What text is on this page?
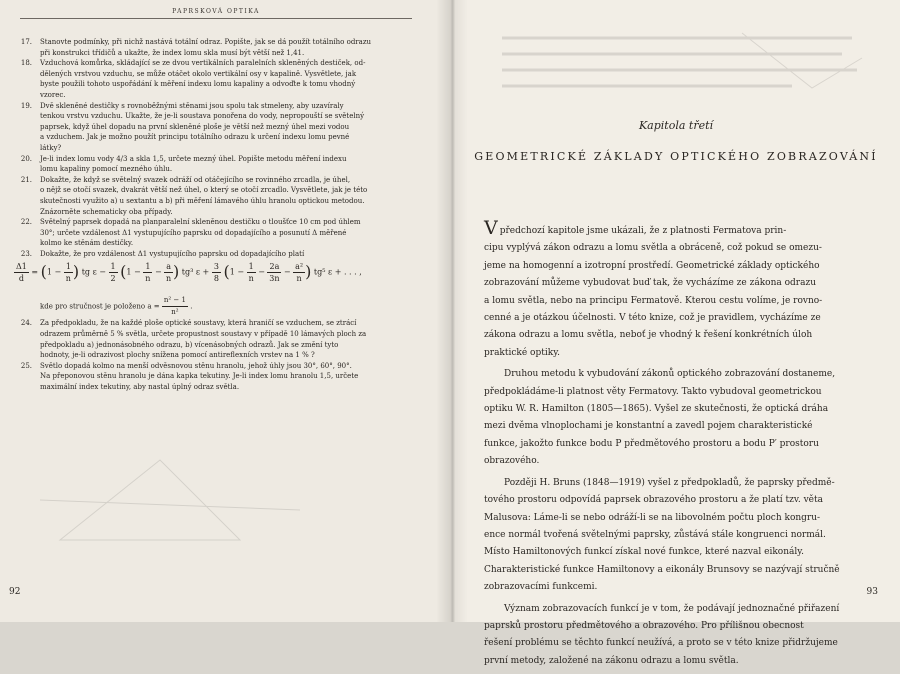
PAPRSKOVÁ OPTIKA
17. Stanovte podmínky, při nichž nastává totální odraz. Popište, jak se dá použít totálního odrazu
při konstrukci třídičů a ukažte, že index lomu skla musí být větší než 1,41.
18. Vzduchová komůrka, skládající se ze dvou vertikálních paralelních skleněných destiček, od-
dělených vrstvou vzduchu, se může otáčet okolo vertikální osy v kapalině. Vysvětlete, jak
byste použili tohoto uspořádání k měření indexu lomu kapaliny a odvoďte k tomu vhodný
vzorec.
19. Dvě skleněné destičky s rovnoběžnými stěnami jsou spolu tak stmeleny, aby uzavíraly
tenkou vrstvu vzduchu. Ukažte, že je-li soustava ponořena do vody, nepropouští se světelný
paprsek, když úhel dopadu na první skleněné ploše je větší než mezný úhel mezi vodou
a vzduchem. Jak je možno použít principu totálního odrazu k určení indexu lomu pevné
látky?
20. Je-li index lomu vody 4/3 a skla 1,5, určete mezný úhel. Popište metodu měření indexu
lomu kapaliny pomocí mezného úhlu.
21. Dokažte, že když se světelný svazek odráží od otáčejícího se rovinného zrcadla, je úhel,
o nějž se otočí svazek, dvakrát větší než úhel, o který se otočí zrcadlo. Vysvětlete, jak je této
skutečnosti využito a) u sextantu a b) při měření lámavého úhlu hranolu optickou metodou.
Znázorněte schematicky oba případy.
22. Světelný paprsek dopadá na planparalelní skleněnou destičku o tloušťce 10 cm pod úhlem
30°; určete vzdálenost Δ1 vystupujícího paprsku od dopadajícího a posunutí Δ měřené
kolmo ke stěnám destičky.
23. Dokažte, že pro vzdálenost Δ1 vystupujícího paprsku od dopadajícího platí
$\frac{\Delta 1}{d} = (1 - \frac{1}{n}$ ) tg $\varepsilon - \frac{1}{2} (1 - \frac{1}{n} - \frac{a}{n}$ ) tg³ $\varepsilon + \frac{3}{8} (1 - \frac{1}{n} - \frac{2a}{3n} - \frac{\text{a²}}{n}$ ) tg⁵ ε + . . . ,
kde pro stručnost je položeno $a = \frac{\text{n² − 1}}{\text{n²}}$ .
24. Za předpokladu, že na každé ploše optické soustavy, která hraničí se vzduchem, se ztrácí
odrazem průměrně 5 % světla, určete propustnost soustavy v případě 10 lámavých ploch za
předpokladu a) jednonásobného odrazu, b) vícenásobných odrazů. Jak se změní tyto
hodnoty, je-li odrazivost plochy snížena pomocí antireflexních vrstev na 1 % ?
25. Světlo dopadá kolmo na menší odvěsnovou stěnu hranolu, jehož úhly jsou 30°, 60°, 90°.
Na přeponovou stěnu hranolu je dána kapka tekutiny. Je-li index lomu hranolu 1,5, určete
maximální index tekutiny, aby nastal úplný odraz světla.
92
Kapitola třetí
GEOMETRICKÉ ZÁKLADY OPTICKÉHO ZOBRAZOVÁNÍ
V předchozí kapitole jsme ukázali, že z platnosti Fermatova prin-
cipu vyplývá zákon odrazu a lomu světla a obráceně, což pokud se omezu-
jeme na homogenní a izotropní prostředí. Geometrické základy optického
zobrazování můžeme vybudovat buď tak, že vycházíme ze zákona odrazu
a lomu světla, nebo na principu Fermatově. Kterou cestu volíme, je rovno-
cenné a je otázkou účelnosti. V této knize, což je pravidlem, vycházíme ze
zákona odrazu a lomu světla, neboť je vhodný k řešení konkrétních úloh
praktické optiky.
Druhou metodu k vybudování zákonů optického zobrazování dostaneme,
předpokládáme-li platnost věty Fermatovy. Takto vybudoval geometrickou
optiku W. R. Hamilton (1805—1865). Vyšel ze skutečnosti, že optická dráha
mezi dvěma vlnoplochami je konstantní a zavedl pojem charakteristické
funkce, jakožto funkce bodu P předmětového prostoru a bodu P′ prostoru
obrazového.
Později H. Bruns (1848—1919) vyšel z předpokladů, že paprsky předmě-
tového prostoru odpovídá paprsek obrazového prostoru a že platí tzv. věta
Malusova: Láme-li se nebo odráží-li se na libovolném počtu ploch kongru-
ence normál tvořená světelnými paprsky, zůstává stále kongruenci normál.
Místo Hamiltonových funkcí získal nové funkce, které nazval eikonály.
Charakteristické funkce Hamiltonovy a eikonály Brunsovy se nazývají stručně
zobrazovacími funkcemi.
Význam zobrazovacích funkcí je v tom, že podávají jednoznačné přiřazení
paprsků prostoru předmětového a obrazového. Pro přílišnou obecnost
řešení problému se těchto funkcí neužívá, a proto se v této knize přidržujeme
první metody, založené na zákonu odrazu a lomu světla.
93
